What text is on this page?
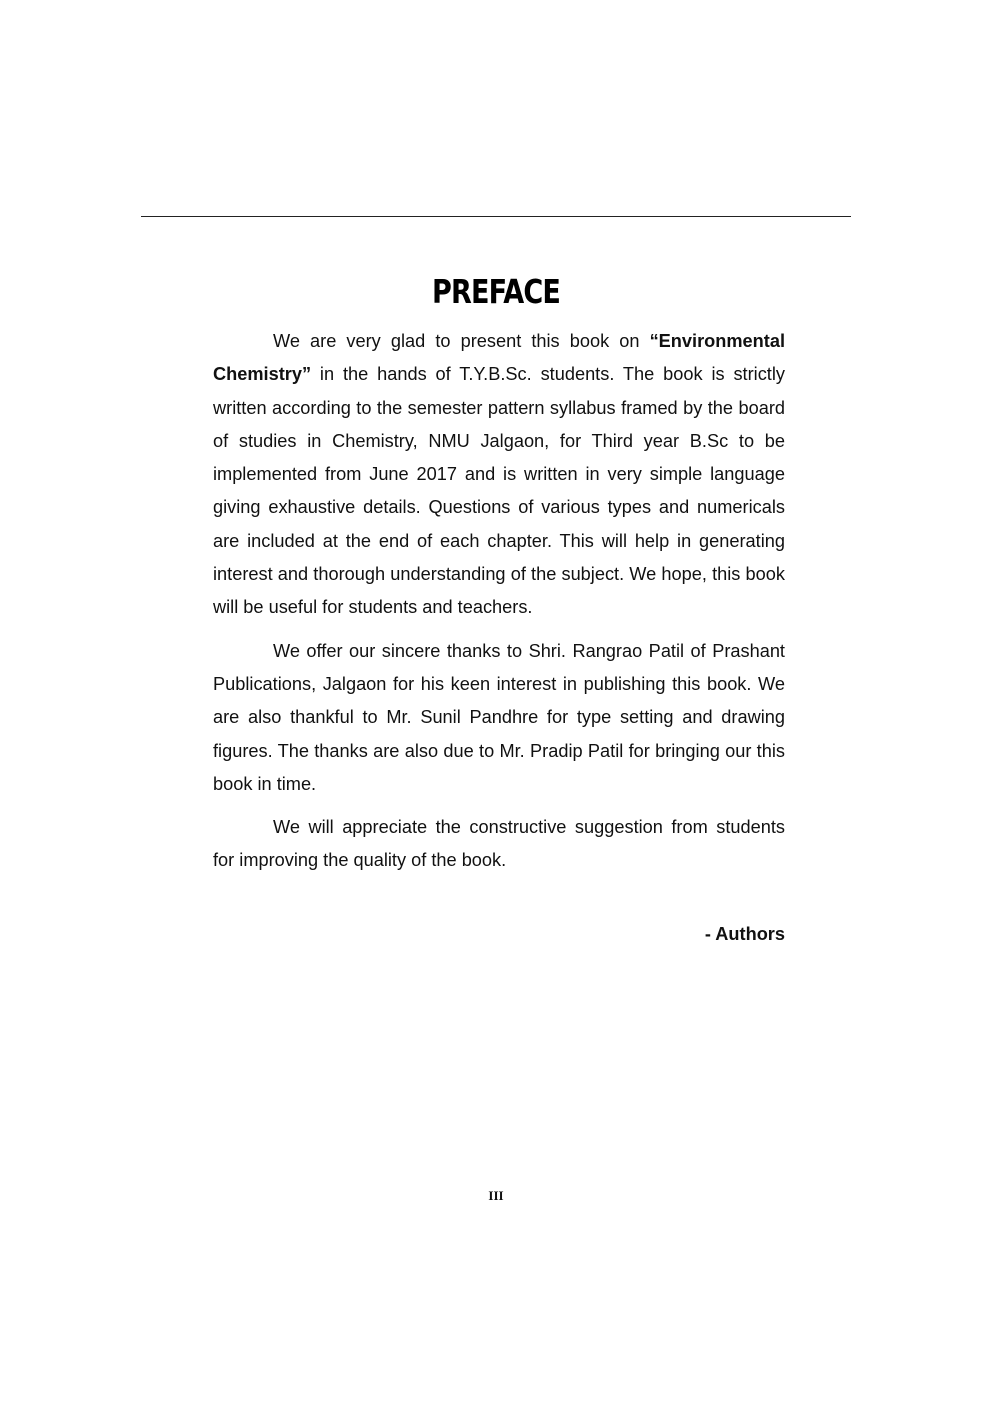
PREFACE

We are very glad to present this book on “Environmental Chemistry” in the hands of T.Y.B.Sc. students. The book is strictly written according to the semester pattern syllabus framed by the board of studies in Chemistry, NMU Jalgaon, for Third year B.Sc to be implemented from June 2017 and is written in very simple language giving exhaustive details. Questions of various types and numericals are included at the end of each chapter. This will help in generating interest and thorough understanding of the subject. We hope, this book will be useful for students and teachers.

We offer our sincere thanks to Shri. Rangrao Patil of Prashant Publications, Jalgaon for his keen interest in publishing this book. We are also thankful to Mr. Sunil Pandhre for type setting and drawing figures. The thanks are also due to Mr. Pradip Patil for bringing our this book in time.

We will appreciate the constructive suggestion from students for improving the quality of the book.

- Authors
III
